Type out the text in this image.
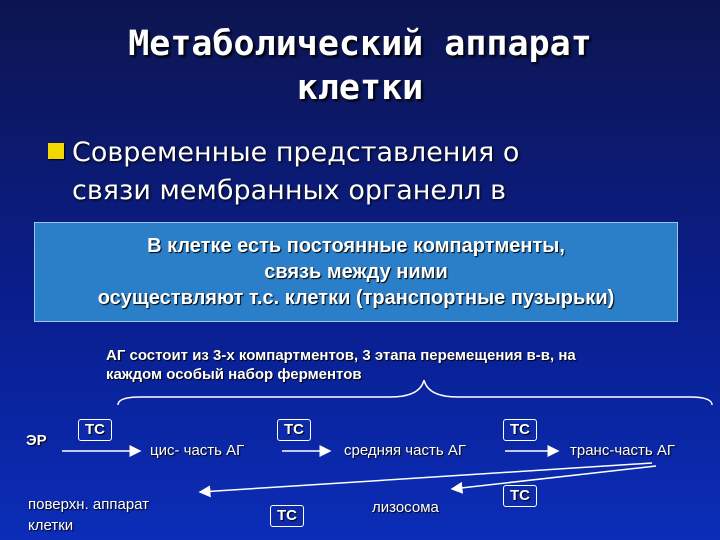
Метаболический аппарат
клетки
Современные представления о
связи мембранных органелл в
В клетке есть постоянные компартменты,
связь между ними
осуществляют т.с. клетки (транспортные пузырьки)
АГ состоит из 3-х компартментов, 3 этапа перемещения в-в, на
каждом особый набор ферментов
ЭР
ТС
цис- часть АГ
ТС
средняя часть АГ
ТС
транс-часть АГ
поверхн. аппарат
клетки
ТС	лизосома
ТС
